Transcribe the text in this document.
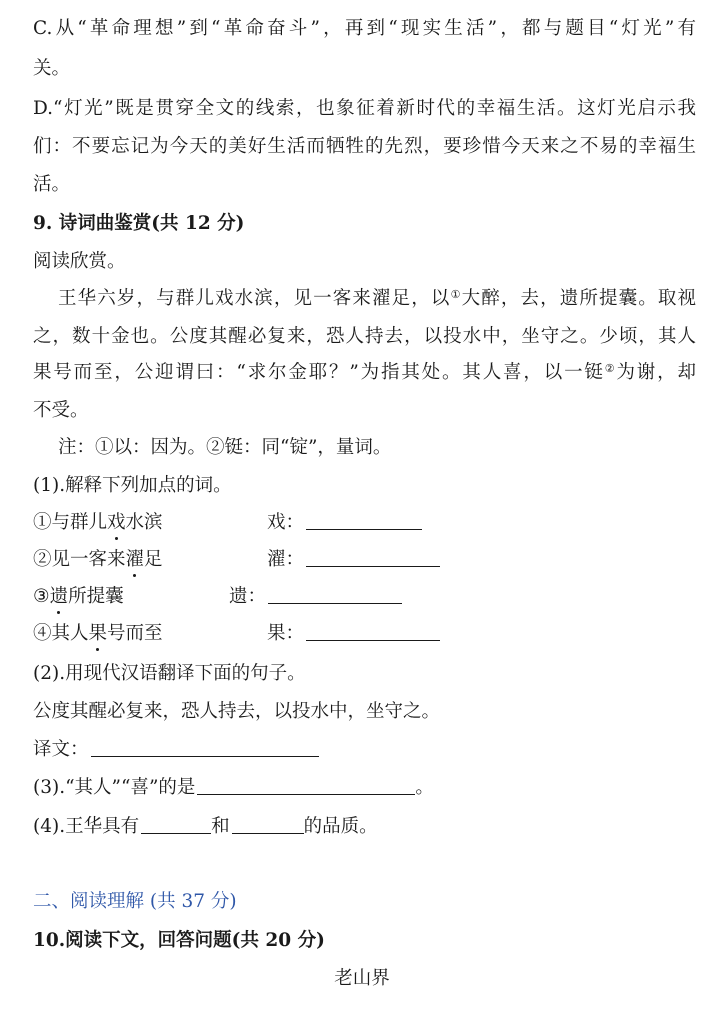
C.从“革命理想”到“革命奋斗”，再到“现实生活”，都与题目“灯光”有
关。
D.“灯光”既是贯穿全文的线索，也象征着新时代的幸福生活。这灯光启示我
们：不要忘记为今天的美好生活而牺牲的先烈，要珍惜今天来之不易的幸福生
活。
9. 诗词曲鉴赏(共 12 分)
阅读欣赏。
王华六岁，与群儿戏水滨，见一客来濯足，以①大醉，去，遗所提囊。取视
之，数十金也。公度其醒必复来，恐人持去，以投水中，坐守之。少顷，其人
果号而至，公迎谓曰：“求尔金耶？”为指其处。其人喜，以一铤②为谢，却
不受。
注：①以：因为。②铤：同“锭”，量词。
(1).解释下列加点的词。
①与群儿戏水滨	戏：
②见一客来濯足	濯：
③遗所提囊	遗：
④其人果号而至	果：
(2).用现代汉语翻译下面的句子。
公度其醒必复来，恐人持去，以投水中，坐守之。
译文：
(3).“其人”“喜”的是	。
(4).王华具有	和	的品质。
二、阅读理解 (共 37 分)
10.阅读下文，回答问题(共 20 分)
老山界
